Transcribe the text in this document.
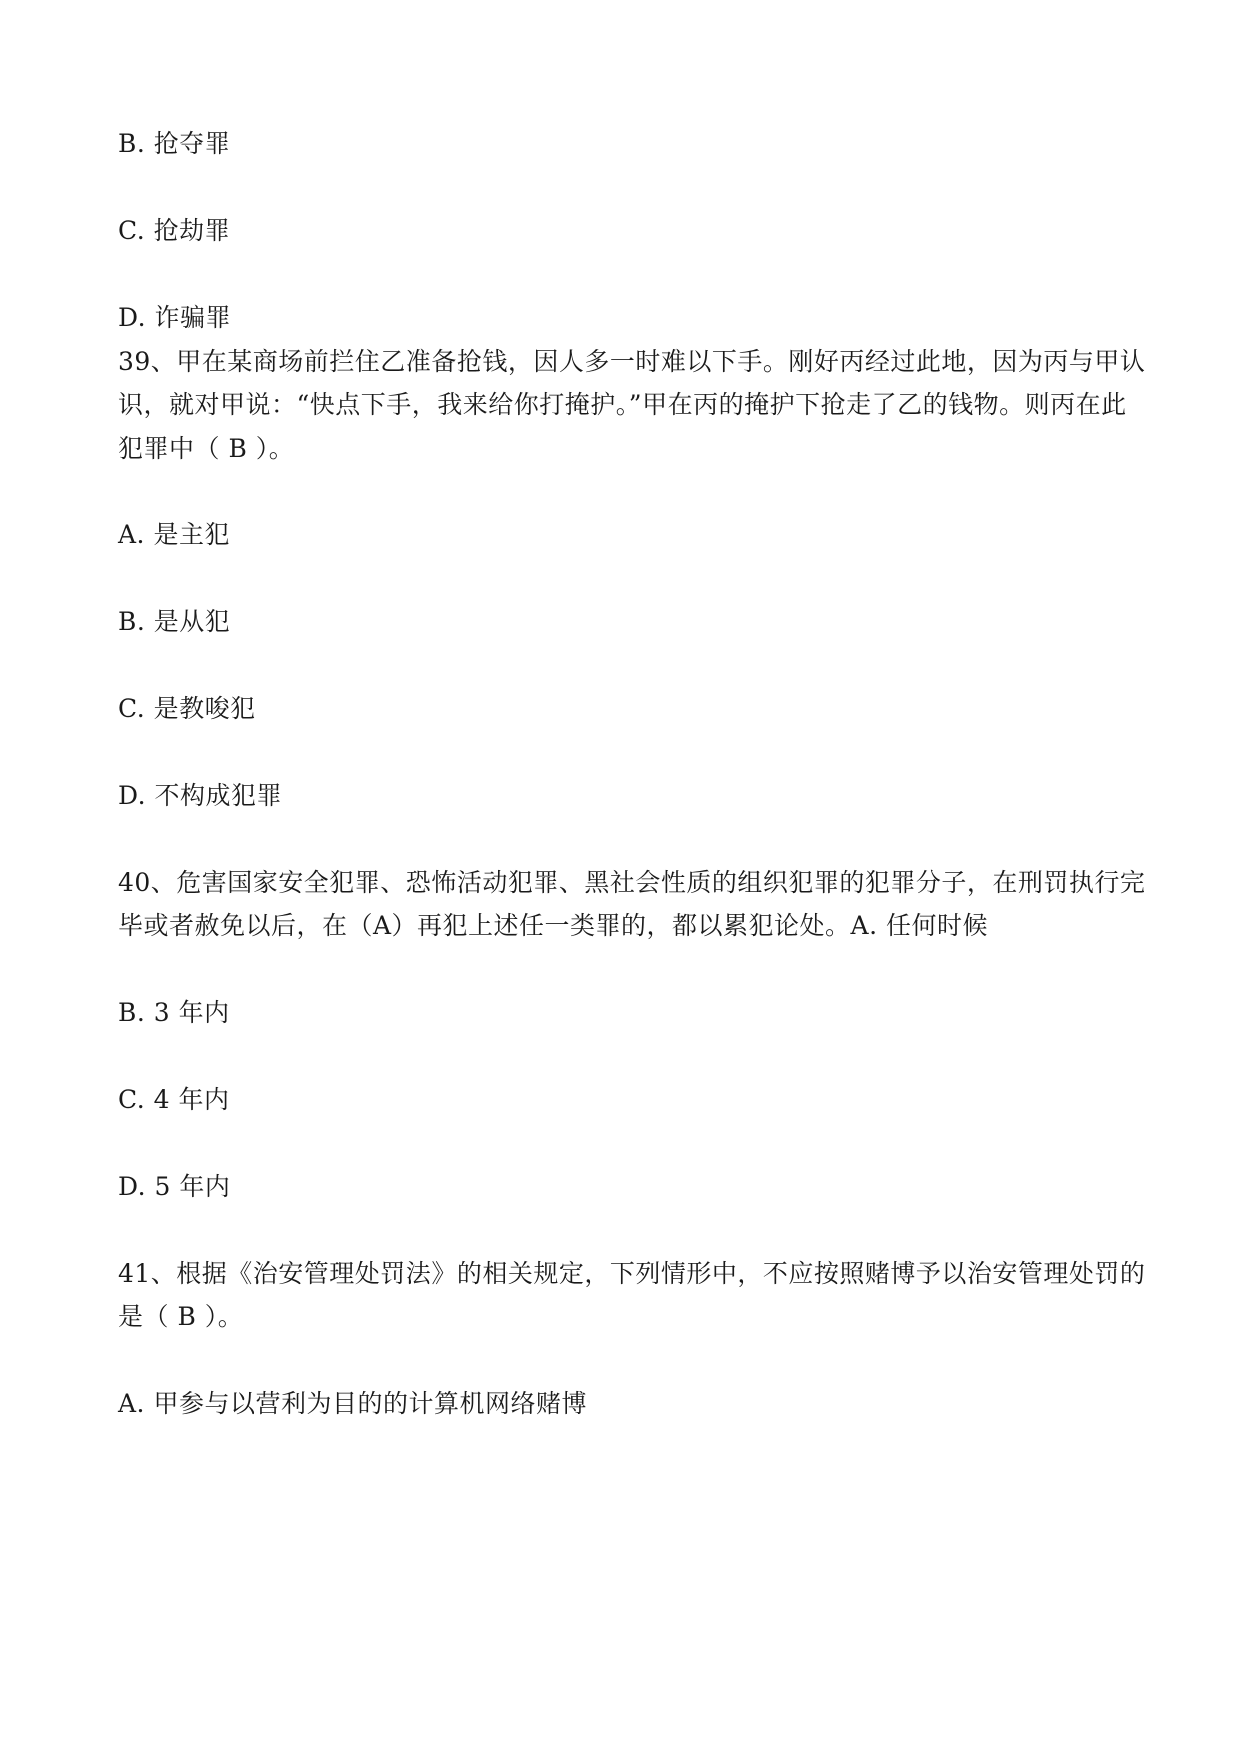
B. 抢夺罪
C. 抢劫罪
D. 诈骗罪
39、甲在某商场前拦住乙准备抢钱，因人多一时难以下手。刚好丙经过此地，因为丙与甲认
识，就对甲说：“快点下手，我来给你打掩护。”甲在丙的掩护下抢走了乙的钱物。则丙在此
犯罪中（ B ）。
A. 是主犯
B. 是从犯
C. 是教唆犯
D. 不构成犯罪
40、危害国家安全犯罪、恐怖活动犯罪、黑社会性质的组织犯罪的犯罪分子，在刑罚执行完
毕或者赦免以后，在（A）再犯上述任一类罪的，都以累犯论处。A. 任何时候
B. 3 年内
C. 4 年内
D. 5 年内
41、根据《治安管理处罚法》的相关规定，下列情形中，不应按照赌博予以治安管理处罚的
是（ B ）。
A. 甲参与以营利为目的的计算机网络赌博
